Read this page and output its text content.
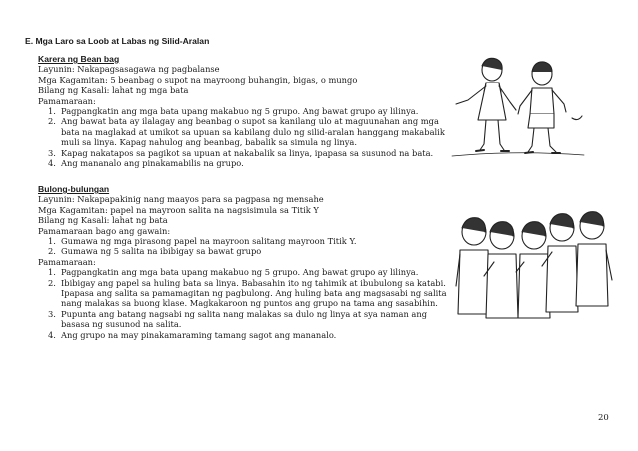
E. Mga Laro sa Loob at Labas ng Silid-Aralan
Karera ng Bean bag
Layunin: Nakapagsasagawa ng pagbalanse
Mga Kagamitan: 5 beanbag o supot na mayroong buhangin, bigas, o mungo
Bilang ng Kasali: lahat ng mga bata
Pamamaraan:
1. Pagpangkatin ang mga bata upang makabuo ng 5 grupo. Ang bawat grupo ay lilinya.
2. Ang bawat bata ay ilalagay ang beanbag o supot sa kanilang ulo at maguunahan ang mga
bata na maglakad at umikot sa upuan sa kabilang dulo ng silid-aralan hanggang makabalik
muli sa linya. Kapag nahulog ang beanbag, babalik sa simula ng linya.
3. Kapag nakatapos sa pagikot sa upuan at nakabalik sa linya, ipapasa sa susunod na bata.
4. Ang mananalo ang pinakamabilis na grupo.
Bulong-bulungan
Layunin: Nakapapakinig nang maayos para sa pagpasa ng mensahe
Mga Kagamitan: papel na mayroon salita na nagsisimula sa Titik Y
Bilang ng Kasali: lahat ng bata
Pamamaraan bago ang gawain:
1. Gumawa ng mga pirasong papel na mayroon salitang mayroon Titik Y.
2. Gumawa ng 5 salita na ibibigay sa bawat grupo
Pamamaraan:
1. Pagpangkatin ang mga bata upang makabuo ng 5 grupo. Ang bawat grupo ay lilinya.
2. Ibibigay ang papel sa huling bata sa linya. Babasahin ito ng tahimik at ibubulong sa katabi.
Ipapasa ang salita sa pamamagitan ng pagbulong. Ang huling bata ang magsasabi ng salita
nang malakas sa buong klase. Magkakaroon ng puntos ang grupo na tama ang sasabihin.
3. Pupunta ang batang nagsabi ng salita nang malakas sa dulo ng linya at sya naman ang
basasa ng susunod na salita.
4. Ang grupo na may pinakamaraming tamang sagot ang mananalo.
20
